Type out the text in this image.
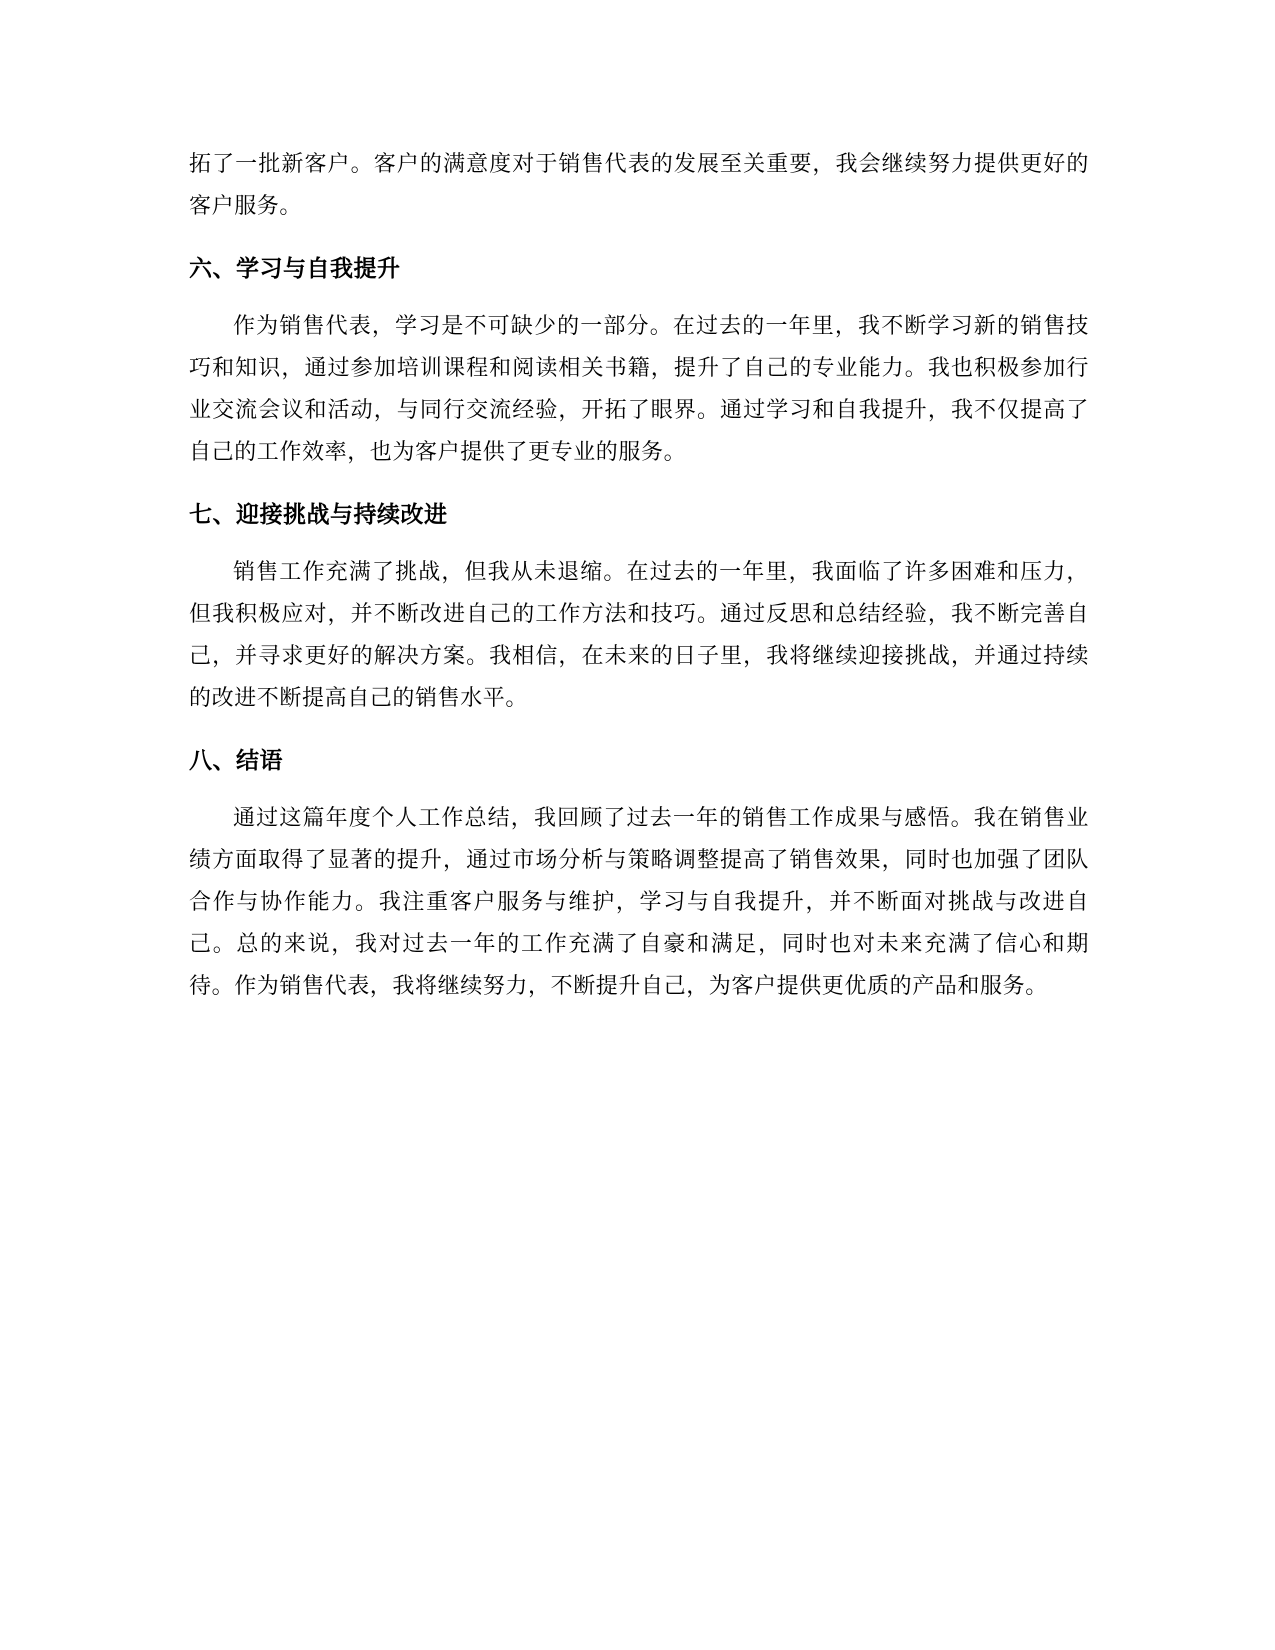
拓了一批新客户。客户的满意度对于销售代表的发展至关重要，我会继续努力提供更好的客户服务。

六、学习与自我提升

作为销售代表，学习是不可缺少的一部分。在过去的一年里，我不断学习新的销售技巧和知识，通过参加培训课程和阅读相关书籍，提升了自己的专业能力。我也积极参加行业交流会议和活动，与同行交流经验，开拓了眼界。通过学习和自我提升，我不仅提高了自己的工作效率，也为客户提供了更专业的服务。

七、迎接挑战与持续改进

销售工作充满了挑战，但我从未退缩。在过去的一年里，我面临了许多困难和压力，但我积极应对，并不断改进自己的工作方法和技巧。通过反思和总结经验，我不断完善自己，并寻求更好的解决方案。我相信，在未来的日子里，我将继续迎接挑战，并通过持续的改进不断提高自己的销售水平。

八、结语

通过这篇年度个人工作总结，我回顾了过去一年的销售工作成果与感悟。我在销售业绩方面取得了显著的提升，通过市场分析与策略调整提高了销售效果，同时也加强了团队合作与协作能力。我注重客户服务与维护，学习与自我提升，并不断面对挑战与改进自己。总的来说，我对过去一年的工作充满了自豪和满足，同时也对未来充满了信心和期待。作为销售代表，我将继续努力，不断提升自己，为客户提供更优质的产品和服务。
